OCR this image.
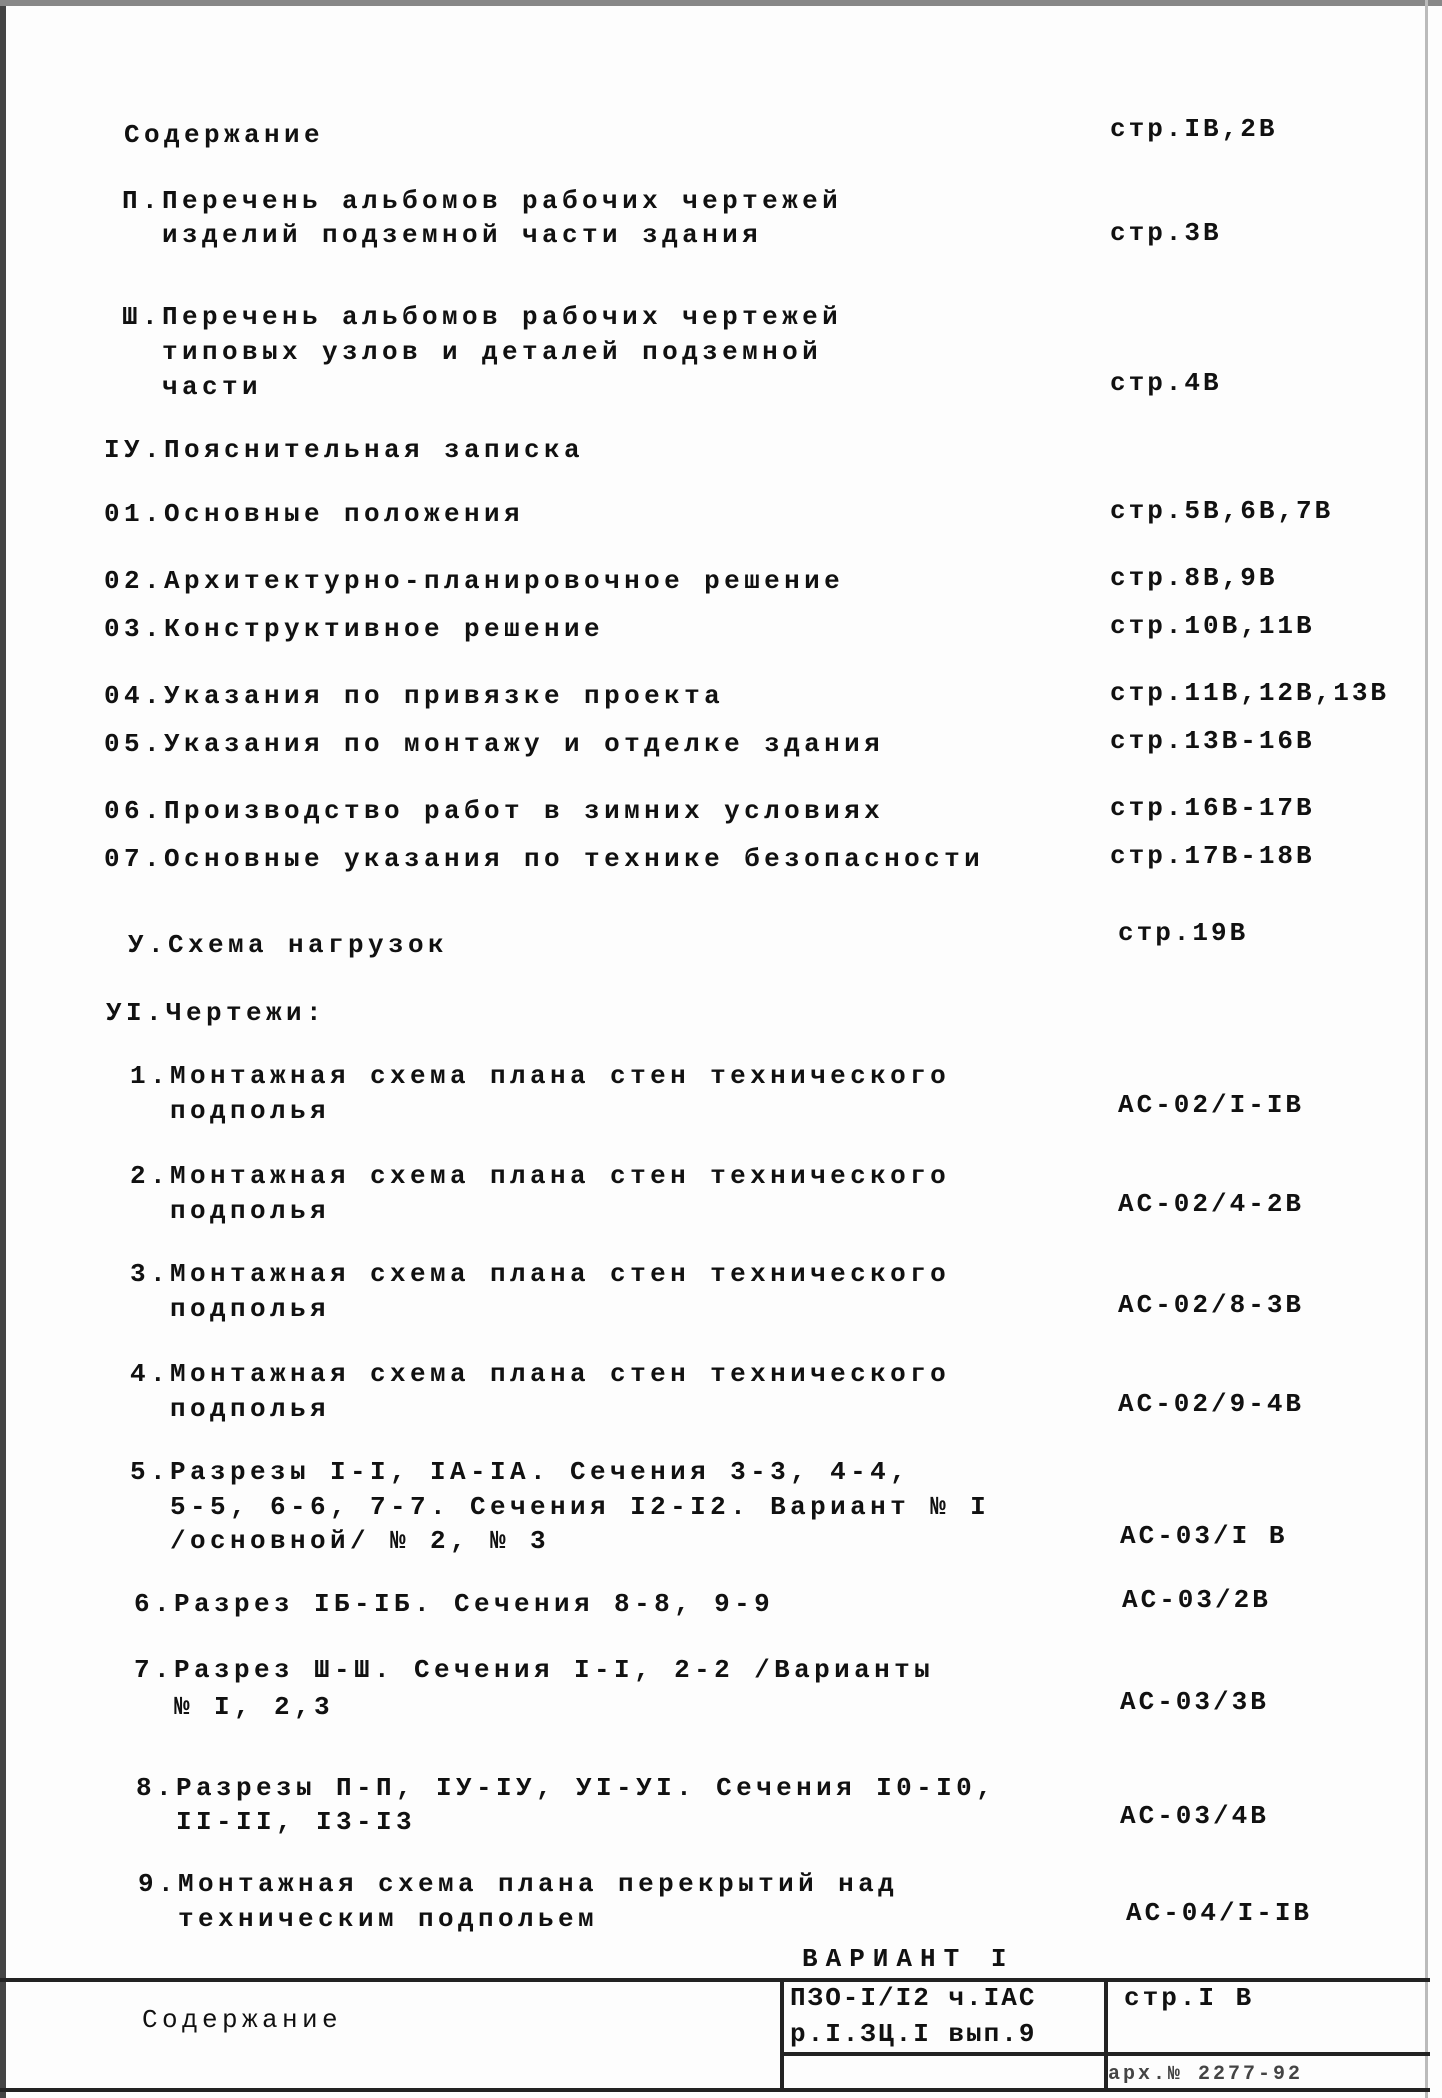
Содержание	стр.IВ,2В
П.Перечень альбомов рабочих чертежей
изделий подземной части здания	стр.3В
Ш.Перечень альбомов рабочих чертежей
типовых узлов и деталей подземной
части	стр.4В
IУ.Пояснительная записка
01.Основные положения	стр.5В,6В,7В
02.Архитектурно-планировочное решение	стр.8В,9В
03.Конструктивное решение	стр.10В,11В
04.Указания по привязке проекта	стр.11В,12В,13В
05.Указания по монтажу и отделке здания	стр.13В-16В
06.Производство работ в зимних условиях	стр.16В-17В
07.Основные указания по технике безопасности	стр.17В-18В
У.Схема нагрузок	стр.19В
УI.Чертежи:
1.Монтажная схема плана стен технического
подполья	АС-02/I-IВ
2.Монтажная схема плана стен технического
подполья	АС-02/4-2В
3.Монтажная схема плана стен технического
подполья	АС-02/8-3В
4.Монтажная схема плана стен технического
подполья	АС-02/9-4В
5.Разрезы I-I, IA-IA. Сечения 3-3, 4-4,
5-5, 6-6, 7-7. Сечения I2-I2. Вариант № I
/основной/ № 2, № 3	АС-03/I В
6.Разрез IБ-IБ. Сечения 8-8, 9-9	АС-03/2В
7.Разрез Ш-Ш. Сечения I-I, 2-2 /Варианты
№ I, 2,3	АС-03/3В
8.Разрезы П-П, IУ-IУ, УI-УI. Сечения I0-I0,
II-II, I3-I3	АС-03/4В
9.Монтажная схема плана перекрытий над
техническим подпольем	АС-04/I-IВ
ВАРИАНТ I
Содержание
ПЗО-I/I2 ч.IАС
р.I.ЗЦ.I вып.9
стр.I В
арх.№ 2277-92
